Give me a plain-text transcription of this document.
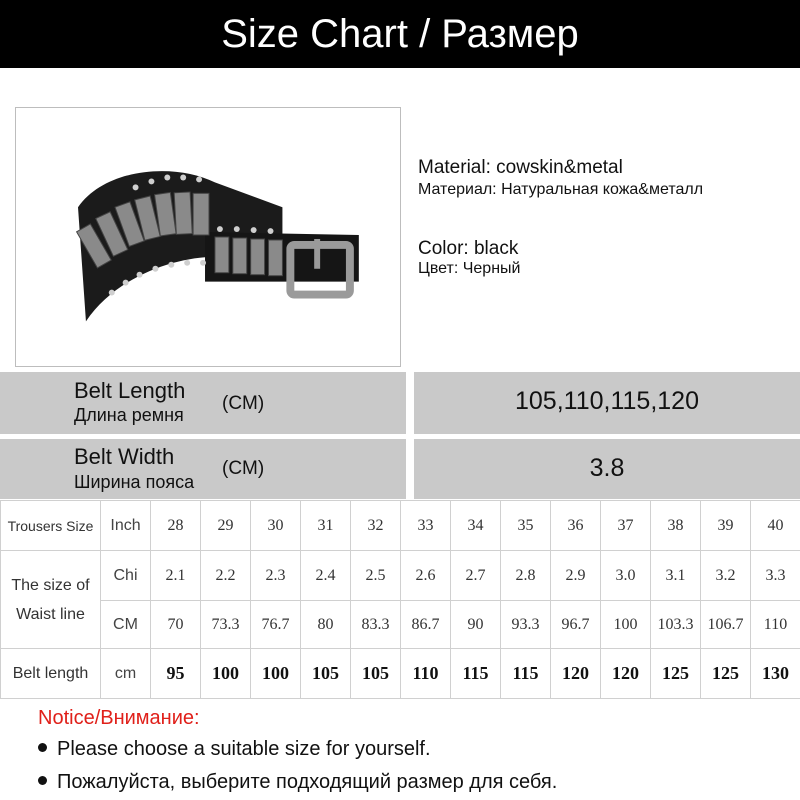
Size Chart / Размер
Material: cowskin&metal
Материал: Натуральная кожа&металл
Color: black
Цвет: Черный
Belt Length
Длина ремня
(CM)	105,110,115,120
Belt Width
Ширина пояса
(CM)	3.8
Trousers Size	Inch	28	29	30	31	32	33	34	35	36	37	38	39	40
The size of
Waist line	Chi	2.1	2.2	2.3	2.4	2.5	2.6	2.7	2.8	2.9	3.0	3.1	3.2	3.3
	CM	70	73.3	76.7	80	83.3	86.7	90	93.3	96.7	100	103.3	106.7	110
Belt length	cm	95	100	100	105	105	110	115	115	120	120	125	125	130
Notice/Внимание:
Please choose a suitable size for yourself.
Пожалуйста, выберите подходящий размер для себя.
